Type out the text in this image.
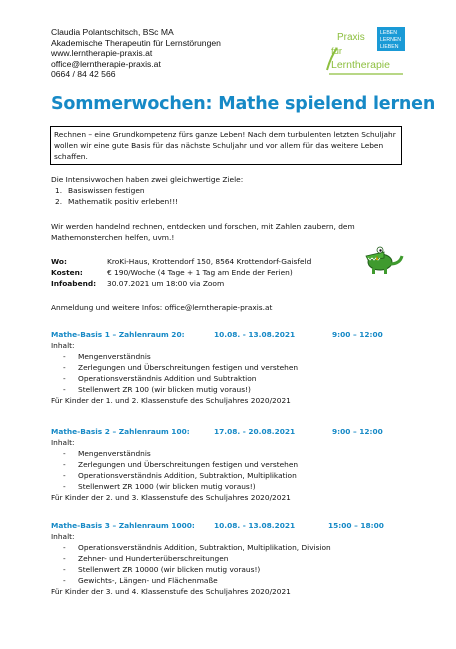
Claudia Polantschitsch, BSc MA
Akademische Therapeutin für Lernstörungen
www.lerntherapie-praxis.at
office@lerntherapie-praxis.at
0664 / 84 42 566
Praxis
für
Lerntherapie
LEBEN
LERNEN
LIEBEN
Sommerwochen: Mathe spielend lernen
Rechnen – eine Grundkompetenz fürs ganze Leben! Nach dem turbulenten letzten Schuljahr wollen wir eine gute Basis für das nächste Schuljahr und vor allem für das weitere Leben schaffen.
Die Intensivwochen haben zwei gleichwertige Ziele:
1. Basiswissen festigen
2. Mathematik positiv erleben!!!
Wir werden handelnd rechnen, entdecken und forschen, mit Zahlen zaubern, dem Mathemonsterchen helfen, uvm.!
Wo:	KroKi-Haus, Krottendorf 150, 8564 Krottendorf-Gaisfeld
Kosten:	€ 190/Woche (4 Tage + 1 Tag am Ende der Ferien)
Infoabend:	30.07.2021 um 18:00 via Zoom
Anmeldung und weitere Infos: office@lerntherapie-praxis.at
Mathe-Basis 1 – Zahlenraum 20:	10.08. - 13.08.2021	9:00 – 12:00
Inhalt:
- Mengenverständnis
- Zerlegungen und Überschreitungen festigen und verstehen
- Operationsverständnis Addition und Subtraktion
- Stellenwert ZR 100 (wir blicken mutig voraus!)
Für Kinder der 1. und 2. Klassenstufe des Schuljahres 2020/2021
Mathe-Basis 2 – Zahlenraum 100:	17.08. - 20.08.2021	9:00 – 12:00
Inhalt:
- Mengenverständnis
- Zerlegungen und Überschreitungen festigen und verstehen
- Operationsverständnis Addition, Subtraktion, Multiplikation
- Stellenwert ZR 1000 (wir blicken mutig voraus!)
Für Kinder der 2. und 3. Klassenstufe des Schuljahres 2020/2021
Mathe-Basis 3 – Zahlenraum 1000:	10.08. - 13.08.2021	15:00 – 18:00
Inhalt:
- Operationsverständnis Addition, Subtraktion, Multiplikation, Division
- Zehner- und Hunderterüberschreitungen
- Stellenwert ZR 10000 (wir blicken mutig voraus!)
- Gewichts-, Längen- und Flächenmaße
Für Kinder der 3. und 4. Klassenstufe des Schuljahres 2020/2021
